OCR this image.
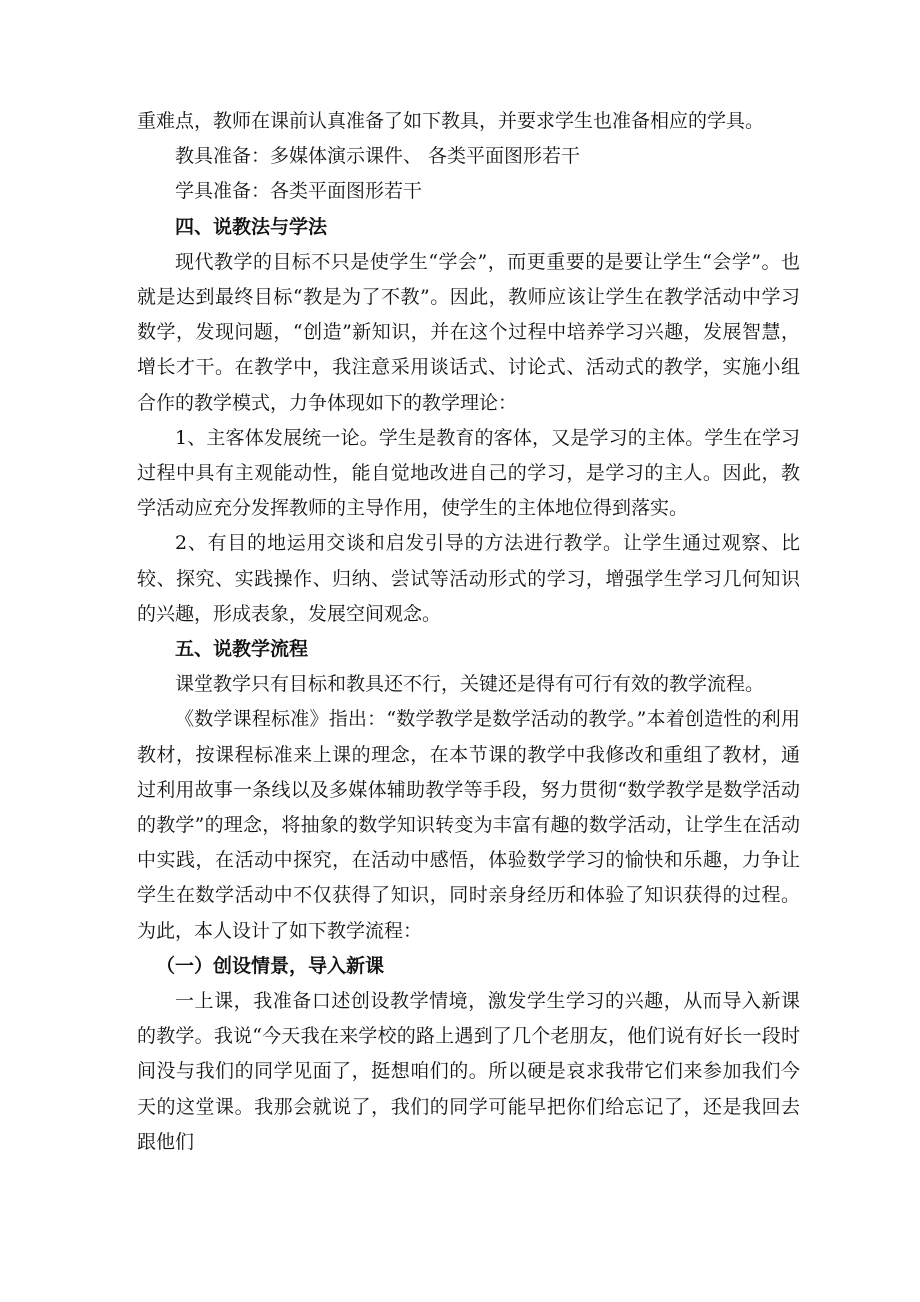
重难点，教师在课前认真准备了如下教具，并要求学生也准备相应的学具。

教具准备：多媒体演示课件、 各类平面图形若干

学具准备：各类平面图形若干

四、说教法与学法

现代教学的目标不只是使学生“学会”，而更重要的是要让学生“会学”。也就是达到最终目标“教是为了不教”。因此，教师应该让学生在教学活动中学习数学，发现问题，“创造”新知识，并在这个过程中培养学习兴趣，发展智慧，增长才干。在教学中，我注意采用谈话式、讨论式、活动式的教学，实施小组合作的教学模式，力争体现如下的教学理论：

1、主客体发展统一论。学生是教育的客体，又是学习的主体。学生在学习过程中具有主观能动性，能自觉地改进自己的学习，是学习的主人。因此，教学活动应充分发挥教师的主导作用，使学生的主体地位得到落实。

2、有目的地运用交谈和启发引导的方法进行教学。让学生通过观察、比较、探究、实践操作、归纳、尝试等活动形式的学习，增强学生学习几何知识的兴趣，形成表象，发展空间观念。

五、说教学流程

课堂教学只有目标和教具还不行，关键还是得有可行有效的教学流程。

《数学课程标准》指出：“数学教学是数学活动的教学。”本着创造性的利用教材，按课程标准来上课的理念，在本节课的教学中我修改和重组了教材，通过利用故事一条线以及多媒体辅助教学等手段，努力贯彻“数学教学是数学活动的教学”的理念，将抽象的数学知识转变为丰富有趣的数学活动，让学生在活动中实践，在活动中探究，在活动中感悟，体验数学学习的愉快和乐趣，力争让学生在数学活动中不仅获得了知识，同时亲身经历和体验了知识获得的过程。为此，本人设计了如下教学流程：

（一）创设情景，导入新课

一上课，我准备口述创设教学情境，激发学生学习的兴趣，从而导入新课的教学。我说“今天我在来学校的路上遇到了几个老朋友，他们说有好长一段时间没与我们的同学见面了，挺想咱们的。所以硬是哀求我带它们来参加我们今天的这堂课。我那会就说了，我们的同学可能早把你们给忘记了，还是我回去跟他们
